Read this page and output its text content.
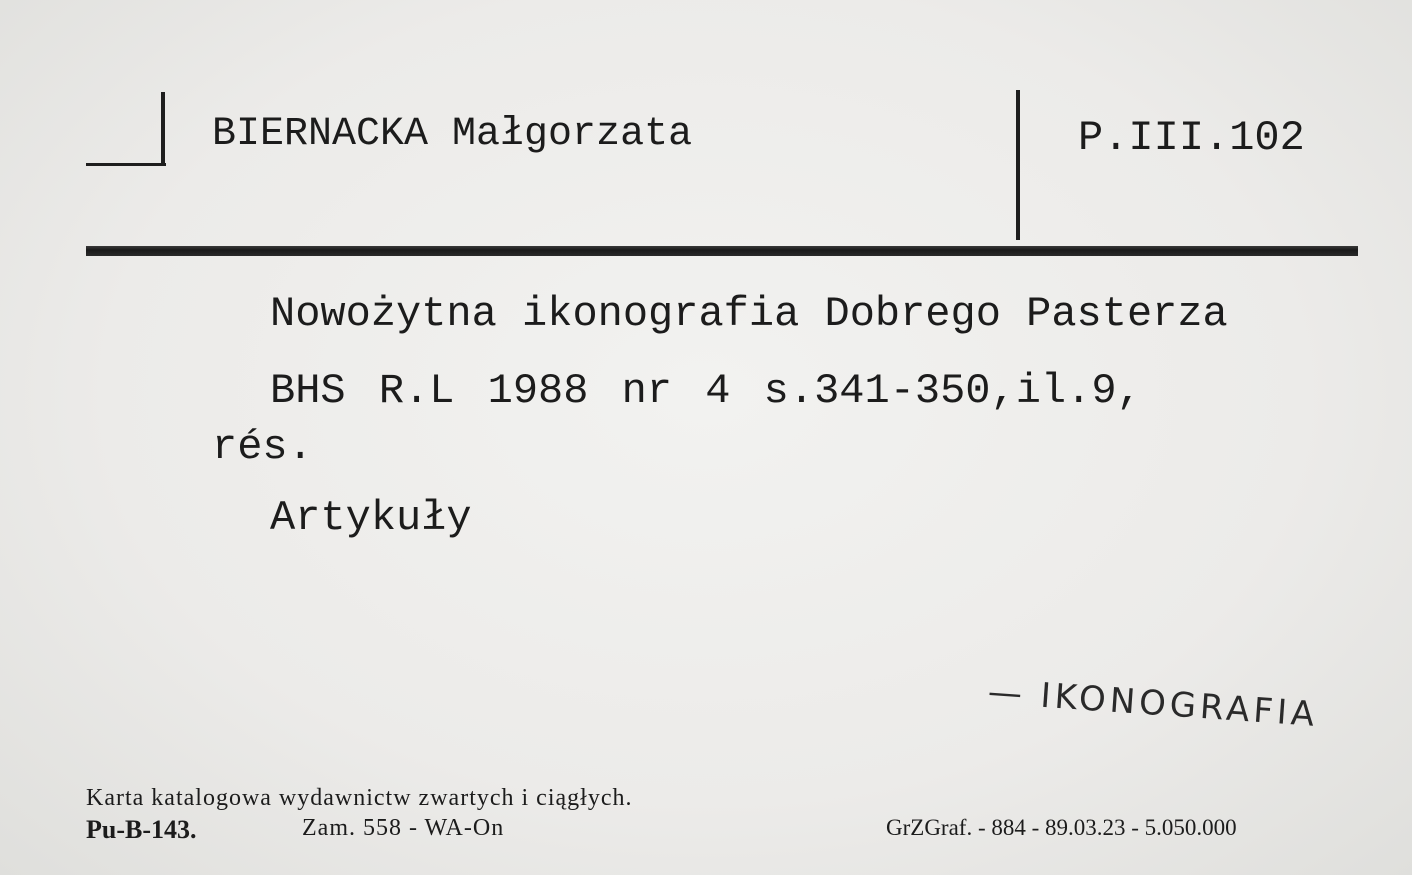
BIERNACKA Małgorzata	P.III.102
Nowożytna ikonografia Dobrego Pasterza
BHS R.L 1988 nr 4 s.341-350,il.9,
rés.
Artykuły
— IKONOGRAFIA
Karta katalogowa wydawnictw zwartych i ciągłych.
Pu-B-143.	Zam. 558 - WA-On	GrZGraf. - 884 - 89.03.23 - 5.050.000
